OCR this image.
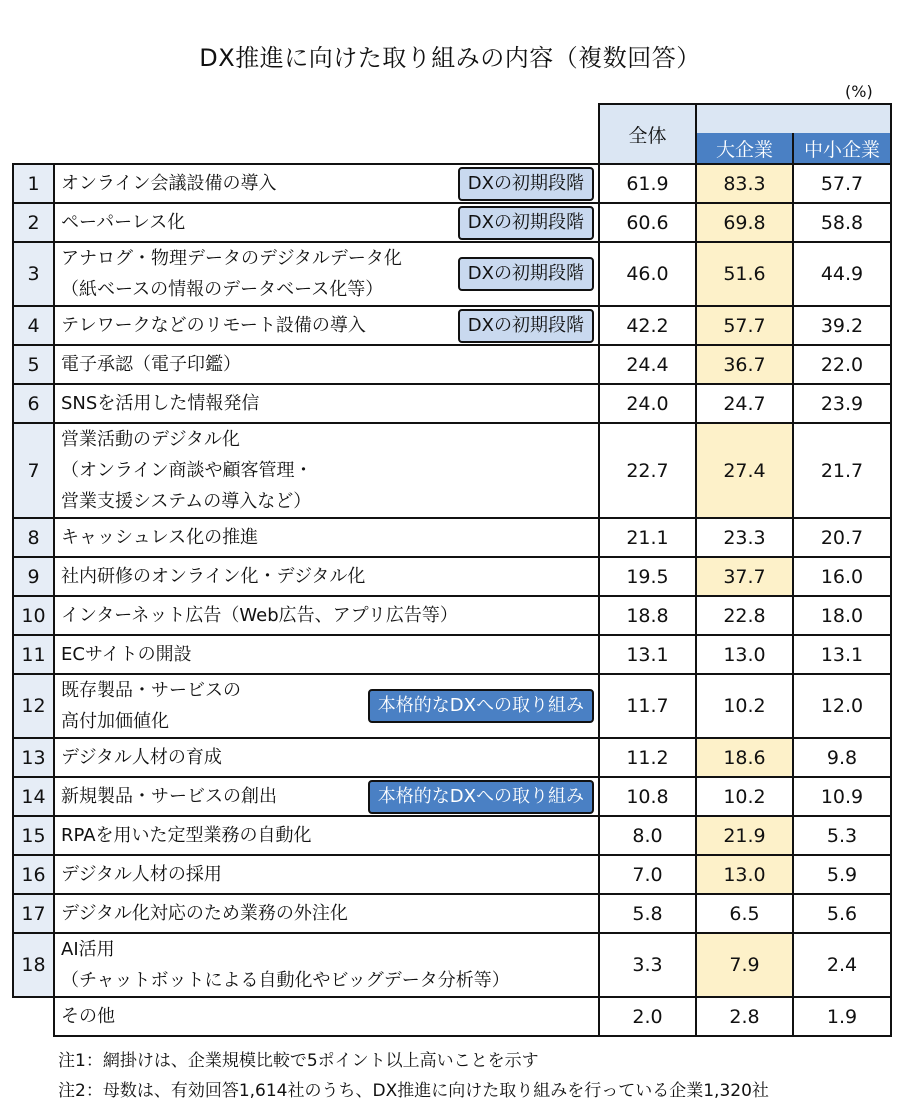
DX推進に向けた取り組みの内容（複数回答）
(%)
		全体		
			大企業	中小企業
1	オンライン会議設備の導入 DXの初期段階	61.9	83.3	57.7
2	ペーパーレス化 DXの初期段階	60.6	69.8	58.8
3	アナログ・物理データのデジタルデータ化
（紙ベースの情報のデータベース化等）
DXの初期段階	46.0	51.6	44.9
4	テレワークなどのリモート設備の導入 DXの初期段階	42.2	57.7	39.2
5	電子承認（電子印鑑）	24.4	36.7	22.0
6	SNSを活用した情報発信	24.0	24.7	23.9
7	営業活動のデジタル化
（オンライン商談や顧客管理・
営業支援システムの導入など）	22.7	27.4	21.7
8	キャッシュレス化の推進	21.1	23.3	20.7
9	社内研修のオンライン化・デジタル化	19.5	37.7	16.0
10	インターネット広告（Web広告、アプリ広告等）	18.8	22.8	18.0
11	ECサイトの開設	13.1	13.0	13.1
12	既存製品・サービスの
高付加価値化
本格的なDXへの取り組み	11.7	10.2	12.0
13	デジタル人材の育成	11.2	18.6	9.8
14	新規製品・サービスの創出 本格的なDXへの取り組み	10.8	10.2	10.9
15	RPAを用いた定型業務の自動化	8.0	21.9	5.3
16	デジタル人材の採用	7.0	13.0	5.9
17	デジタル化対応のため業務の外注化	5.8	6.5	5.6
18	AI活用
（チャットボットによる自動化やビッグデータ分析等）	3.3	7.9	2.4

	その他	2.0	2.8	1.9
注1：網掛けは、企業規模比較で5ポイント以上高いことを示す
注2：母数は、有効回答1,614社のうち、DX推進に向けた取り組みを行っている企業1,320社
